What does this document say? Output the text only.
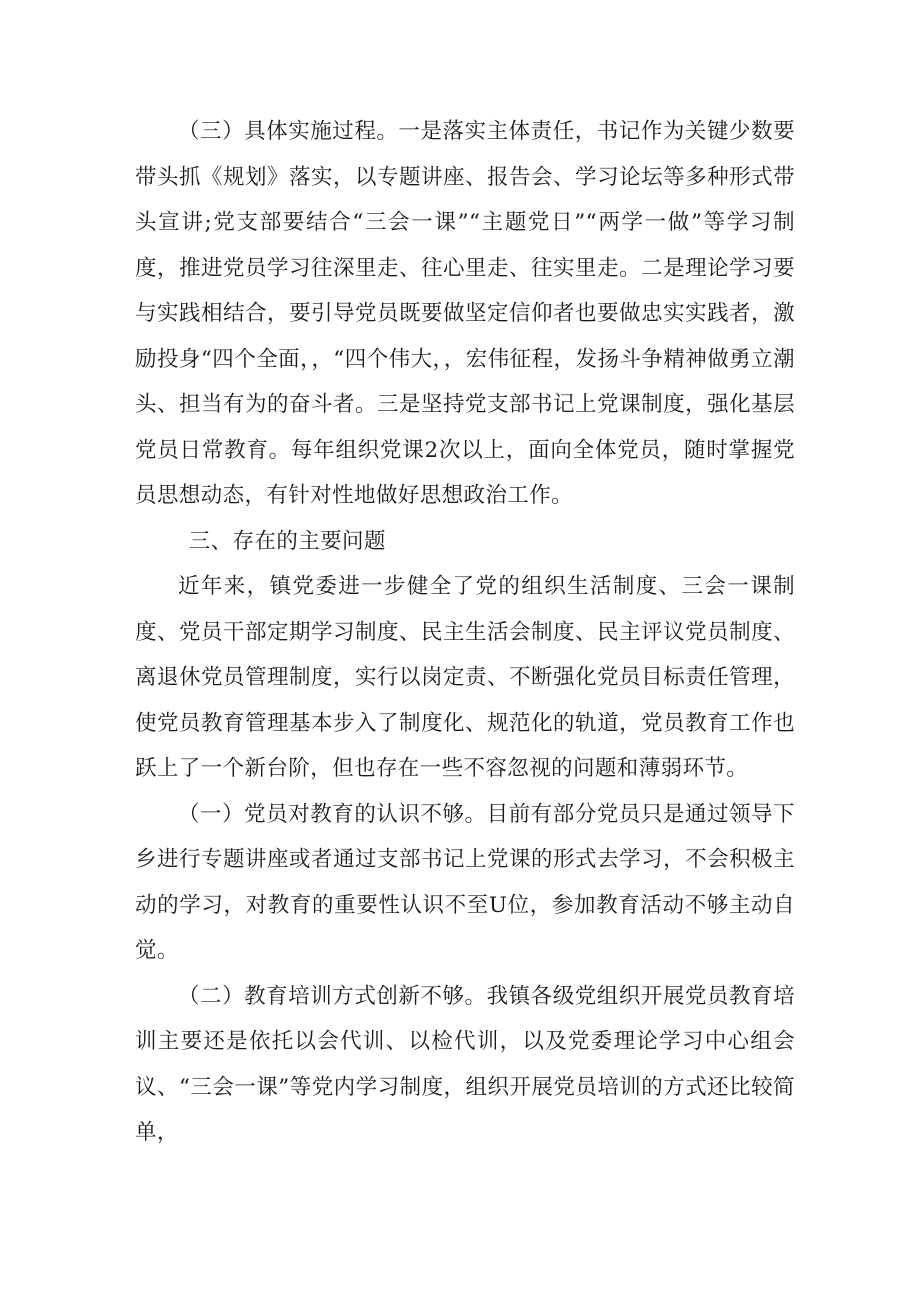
（三）具体实施过程。一是落实主体责任，书记作为关键少数要带头抓《规划》落实，以专题讲座、报告会、学习论坛等多种形式带头宣讲;党支部要结合“三会一课”“主题党日”“两学一做”等学习制度，推进党员学习往深里走、往心里走、往实里走。二是理论学习要与实践相结合，要引导党员既要做坚定信仰者也要做忠实实践者，激励投身“四个全面，，“四个伟大，，宏伟征程，发扬斗争精神做勇立潮头、担当有为的奋斗者。三是坚持党支部书记上党课制度，强化基层党员日常教育。每年组织党课2次以上，面向全体党员，随时掌握党员思想动态，有针对性地做好思想政治工作。

三、存在的主要问题

近年来，镇党委进一步健全了党的组织生活制度、三会一课制度、党员干部定期学习制度、民主生活会制度、民主评议党员制度、离退休党员管理制度，实行以岗定责、不断强化党员目标责任管理，使党员教育管理基本步入了制度化、规范化的轨道，党员教育工作也跃上了一个新台阶，但也存在一些不容忽视的问题和薄弱环节。

（一）党员对教育的认识不够。目前有部分党员只是通过领导下乡进行专题讲座或者通过支部书记上党课的形式去学习，不会积极主动的学习，对教育的重要性认识不至U位，参加教育活动不够主动自觉。

（二）教育培训方式创新不够。我镇各级党组织开展党员教育培训主要还是依托以会代训、以检代训，以及党委理论学习中心组会议、“三会一课”等党内学习制度，组织开展党员培训的方式还比较简单，
